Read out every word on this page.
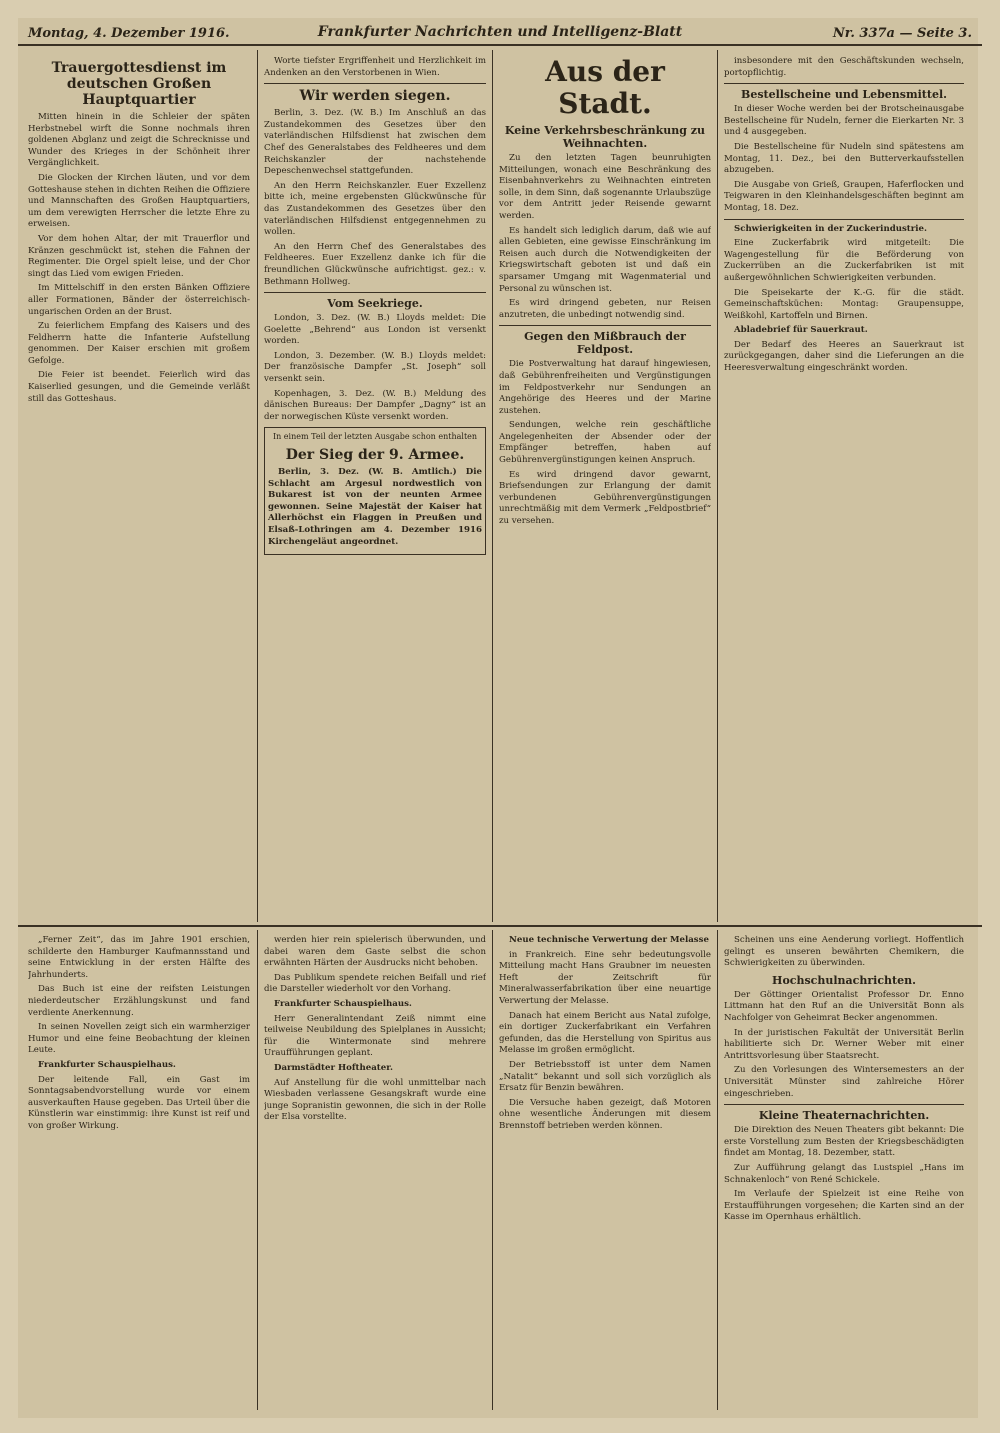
Montag, 4. Dezember 1916.	Frankfurter Nachrichten und Intelligenz-Blatt	Nr. 337a — Seite 3.
Trauergottesdienst im deutschen Großen Hauptquartier

Mitten hinein in die Schleier der späten Herbstnebel wirft die Sonne nochmals ihren goldenen Abglanz und zeigt die Schrecknisse und Wunder des Krieges in der Schönheit ihrer Vergänglichkeit.

Die Glocken der Kirchen läuten, und vor dem Gotteshause stehen in dichten Reihen die Offiziere und Mannschaften des Großen Hauptquartiers, um dem verewigten Herrscher die letzte Ehre zu erweisen.

Vor dem hohen Altar, der mit Trauerflor und Kränzen geschmückt ist, stehen die Fahnen der Regimenter. Die Orgel spielt leise, und der Chor singt das Lied vom ewigen Frieden.

Im Mittelschiff in den ersten Bänken Offiziere aller Formationen, Bänder der österreichisch-ungarischen Orden an der Brust.

Zu feierlichem Empfang des Kaisers und des Feldherrn hatte die Infanterie Aufstellung genommen. Der Kaiser erschien mit großem Gefolge.

Die Feier ist beendet. Feierlich wird das Kaiserlied gesungen, und die Gemeinde verläßt still das Gotteshaus.

Worte tiefster Ergriffenheit und Herzlichkeit im Andenken an den Verstorbenen in Wien.

Wir werden siegen.

Berlin, 3. Dez. (W. B.) Im Anschluß an das Zustandekommen des Gesetzes über den vaterländischen Hilfsdienst hat zwischen dem Chef des Generalstabes des Feldheeres und dem Reichskanzler der nachstehende Depeschenwechsel stattgefunden.

An den Herrn Reichskanzler. Euer Exzellenz bitte ich, meine ergebensten Glückwünsche für das Zustandekommen des Gesetzes über den vaterländischen Hilfsdienst entgegennehmen zu wollen.

An den Herrn Chef des Generalstabes des Feldheeres. Euer Exzellenz danke ich für die freundlichen Glückwünsche aufrichtigst. gez.: v. Bethmann Hollweg.

Vom Seekriege.

London, 3. Dez. (W. B.) Lloyds meldet: Die Goelette „Behrend“ aus London ist versenkt worden.

London, 3. Dezember. (W. B.) Lloyds meldet: Der französische Dampfer „St. Joseph“ soll versenkt sein.

Kopenhagen, 3. Dez. (W. B.) Meldung des dänischen Bureaus: Der Dampfer „Dagny“ ist an der norwegischen Küste versenkt worden.

In einem Teil der letzten Ausgabe schon enthalten
Der Sieg der 9. Armee.

Berlin, 3. Dez. (W. B. Amtlich.) Die Schlacht am Argesul nordwestlich von Bukarest ist von der neunten Armee gewonnen. Seine Majestät der Kaiser hat Allerhöchst ein Flaggen in Preußen und Elsaß-Lothringen am 4. Dezember 1916 Kirchengeläut angeordnet.

Aus der Stadt.
Keine Verkehrsbeschränkung zu Weihnachten.

Zu den letzten Tagen beunruhigten Mitteilungen, wonach eine Beschränkung des Eisenbahnverkehrs zu Weihnachten eintreten solle, in dem Sinn, daß sogenannte Urlaubszüge vor dem Antritt jeder Reisende gewarnt werden.

Es handelt sich lediglich darum, daß wie auf allen Gebieten, eine gewisse Einschränkung im Reisen auch durch die Notwendigkeiten der Kriegswirtschaft geboten ist und daß ein sparsamer Umgang mit Wagenmaterial und Personal zu wünschen ist.

Es wird dringend gebeten, nur Reisen anzutreten, die unbedingt notwendig sind.

Gegen den Mißbrauch der Feldpost.

Die Postverwaltung hat darauf hingewiesen, daß Gebührenfreiheiten und Vergünstigungen im Feldpostverkehr nur Sendungen an Angehörige des Heeres und der Marine zustehen.

Sendungen, welche rein geschäftliche Angelegenheiten der Absender oder der Empfänger betreffen, haben auf Gebührenvergünstigungen keinen Anspruch.

Es wird dringend davor gewarnt, Briefsendungen zur Erlangung der damit verbundenen Gebührenvergünstigungen unrechtmäßig mit dem Vermerk „Feldpostbrief“ zu versehen.

insbesondere mit den Geschäftskunden wechseln, portopflichtig.

Bestellscheine und Lebensmittel.

In dieser Woche werden bei der Brotscheinausgabe Bestellscheine für Nudeln, ferner die Eierkarten Nr. 3 und 4 ausgegeben.

Die Bestellscheine für Nudeln sind spätestens am Montag, 11. Dez., bei den Butterverkaufsstellen abzugeben.

Die Ausgabe von Grieß, Graupen, Haferflocken und Teigwaren in den Kleinhandelsgeschäften beginnt am Montag, 18. Dez.

Schwierigkeiten in der Zuckerindustrie.

Eine Zuckerfabrik wird mitgeteilt: Die Wagengestellung für die Beförderung von Zuckerrüben an die Zuckerfabriken ist mit außergewöhnlichen Schwierigkeiten verbunden.

Die Speisekarte der K.-G. für die städt. Gemeinschaftsküchen: Montag: Graupensuppe, Weißkohl, Kartoffeln und Birnen.

Abladebrief für Sauerkraut.

Der Bedarf des Heeres an Sauerkraut ist zurückgegangen, daher sind die Lieferungen an die Heeresverwaltung eingeschränkt worden.

„Ferner Zeit“, das im Jahre 1901 erschien, schilderte den Hamburger Kaufmannsstand und seine Entwicklung in der ersten Hälfte des Jahrhunderts.

Das Buch ist eine der reifsten Leistungen niederdeutscher Erzählungskunst und fand verdiente Anerkennung.

In seinen Novellen zeigt sich ein warmherziger Humor und eine feine Beobachtung der kleinen Leute.

Frankfurter Schauspielhaus.

Der leitende Fall, ein Gast im Sonntagsabendvorstellung wurde vor einem ausverkauften Hause gegeben. Das Urteil über die Künstlerin war einstimmig: ihre Kunst ist reif und von großer Wirkung.

werden hier rein spielerisch überwunden, und dabei waren dem Gaste selbst die schon erwähnten Härten der Ausdrucks nicht behoben.

Das Publikum spendete reichen Beifall und rief die Darsteller wiederholt vor den Vorhang.

Frankfurter Schauspielhaus.

Herr Generalintendant Zeiß nimmt eine teilweise Neubildung des Spielplanes in Aussicht; für die Wintermonate sind mehrere Uraufführungen geplant.

Darmstädter Hoftheater.

Auf Anstellung für die wohl unmittelbar nach Wiesbaden verlassene Gesangskraft wurde eine junge Sopranistin gewonnen, die sich in der Rolle der Elsa vorstellte.

Neue technische Verwertung der Melasse

in Frankreich. Eine sehr bedeutungsvolle Mitteilung macht Hans Graubner im neuesten Heft der Zeitschrift für Mineralwasserfabrikation über eine neuartige Verwertung der Melasse.

Danach hat einem Bericht aus Natal zufolge, ein dortiger Zuckerfabrikant ein Verfahren gefunden, das die Herstellung von Spiritus aus Melasse im großen ermöglicht.

Der Betriebsstoff ist unter dem Namen „Natalit“ bekannt und soll sich vorzüglich als Ersatz für Benzin bewähren.

Die Versuche haben gezeigt, daß Motoren ohne wesentliche Änderungen mit diesem Brennstoff betrieben werden können.

Scheinen uns eine Aenderung vorliegt. Hoffentlich gelingt es unseren bewährten Chemikern, die Schwierigkeiten zu überwinden.

Hochschulnachrichten.

Der Göttinger Orientalist Professor Dr. Enno Littmann hat den Ruf an die Universität Bonn als Nachfolger von Geheimrat Becker angenommen.

In der juristischen Fakultät der Universität Berlin habilitierte sich Dr. Werner Weber mit einer Antrittsvorlesung über Staatsrecht.

Zu den Vorlesungen des Wintersemesters an der Universität Münster sind zahlreiche Hörer eingeschrieben.

Kleine Theaternachrichten.

Die Direktion des Neuen Theaters gibt bekannt: Die erste Vorstellung zum Besten der Kriegsbeschädigten findet am Montag, 18. Dezember, statt.

Zur Aufführung gelangt das Lustspiel „Hans im Schnakenloch“ von René Schickele.

Im Verlaufe der Spielzeit ist eine Reihe von Erstaufführungen vorgesehen; die Karten sind an der Kasse im Opernhaus erhältlich.
